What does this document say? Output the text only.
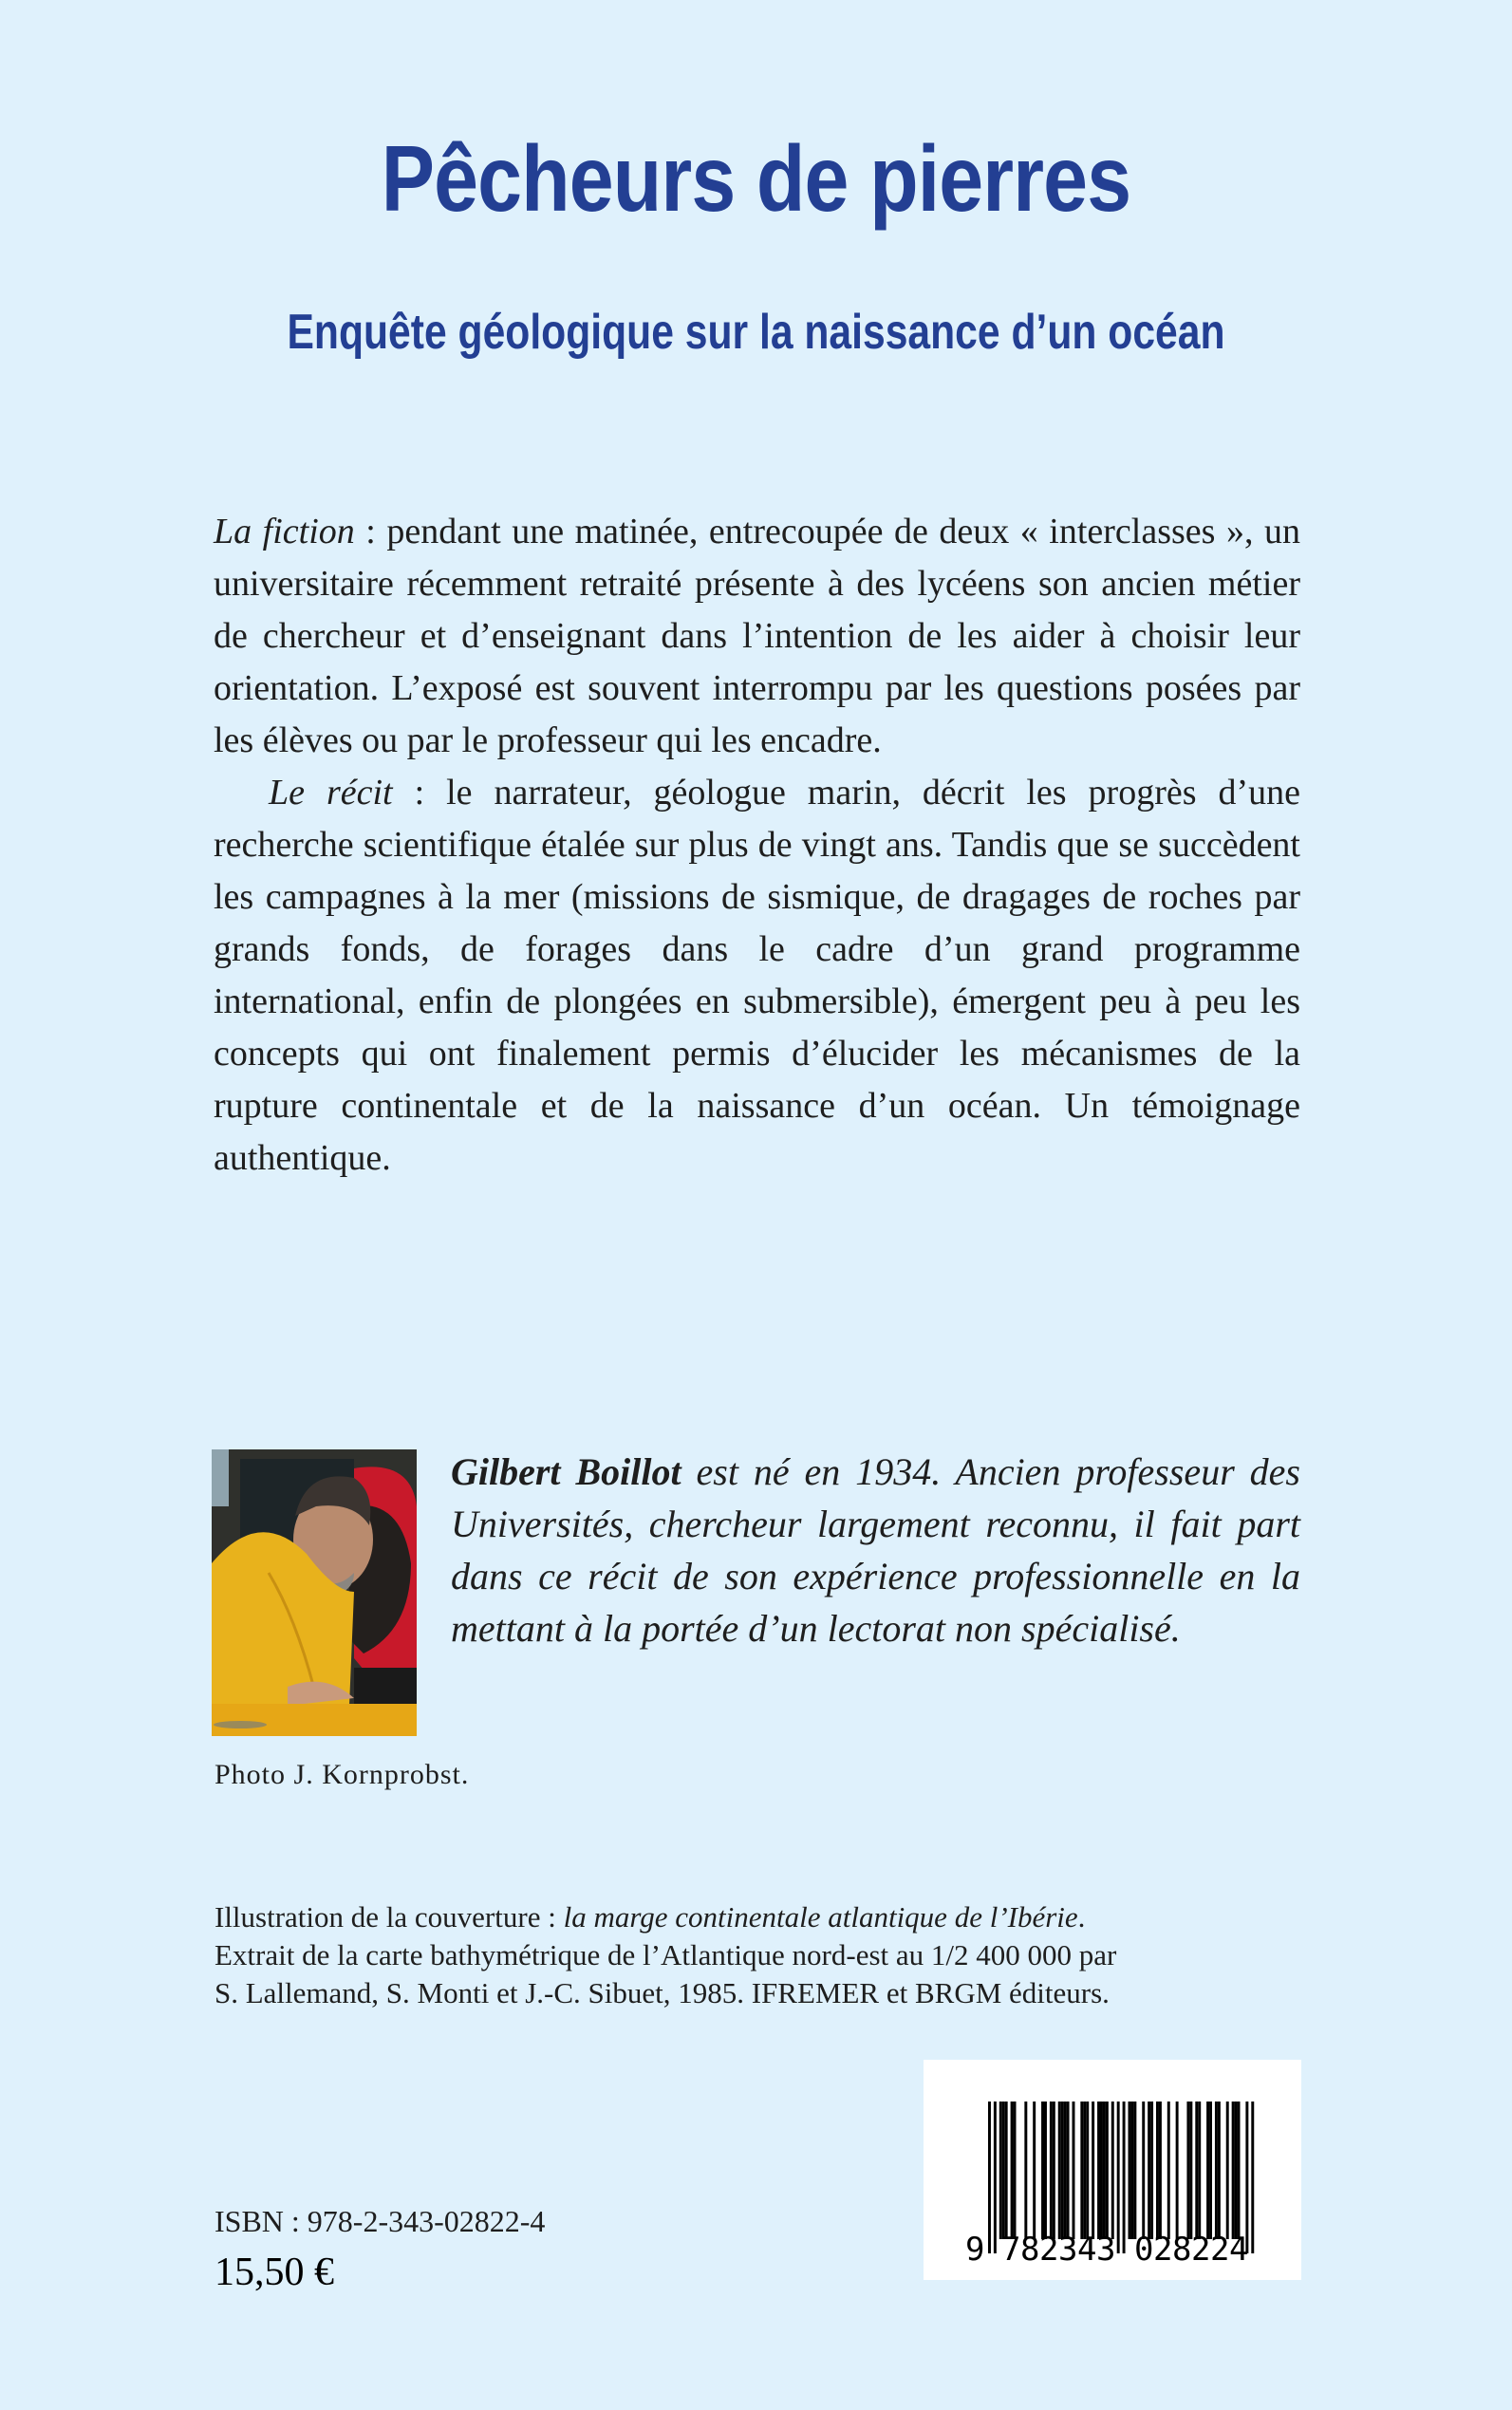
Pêcheurs de pierres
Enquête géologique sur la naissance d’un océan

La fiction : pendant une matinée, entrecoupée de deux « interclasses », un universitaire récemment retraité présente à des lycéens son ancien métier de chercheur et d’enseignant dans l’intention de les aider à choisir leur orientation. L’exposé est souvent interrompu par les questions posées par les élèves ou par le professeur qui les encadre.

Le récit : le narrateur, géologue marin, décrit les progrès d’une recherche scientifique étalée sur plus de vingt ans. Tandis que se succèdent les campagnes à la mer (missions de sismique, de dragages de roches par grands fonds, de forages dans le cadre d’un grand programme international, enfin de plongées en submersible), émergent peu à peu les concepts qui ont finalement permis d’élucider les mécanismes de la rupture continentale et de la naissance d’un océan. Un témoignage authentique.

Photo J. Kornprobst.
Gilbert Boillot est né en 1934. Ancien professeur des Universités, chercheur largement reconnu, il fait part dans ce récit de son expérience professionnelle en la mettant à la portée d’un lectorat non spécialisé.
Illustration de la couverture : la marge continentale atlantique de l’Ibérie.
Extrait de la carte bathymétrique de l’Atlantique nord-est au 1/2 400 000 par
S. Lallemand, S. Monti et J.-C. Sibuet, 1985. IFREMER et BRGM éditeurs.
ISBN : 978-2-343-02822-4
15,50 €
9 7 8 2 3 4 3 0 2 8 2 2 4
